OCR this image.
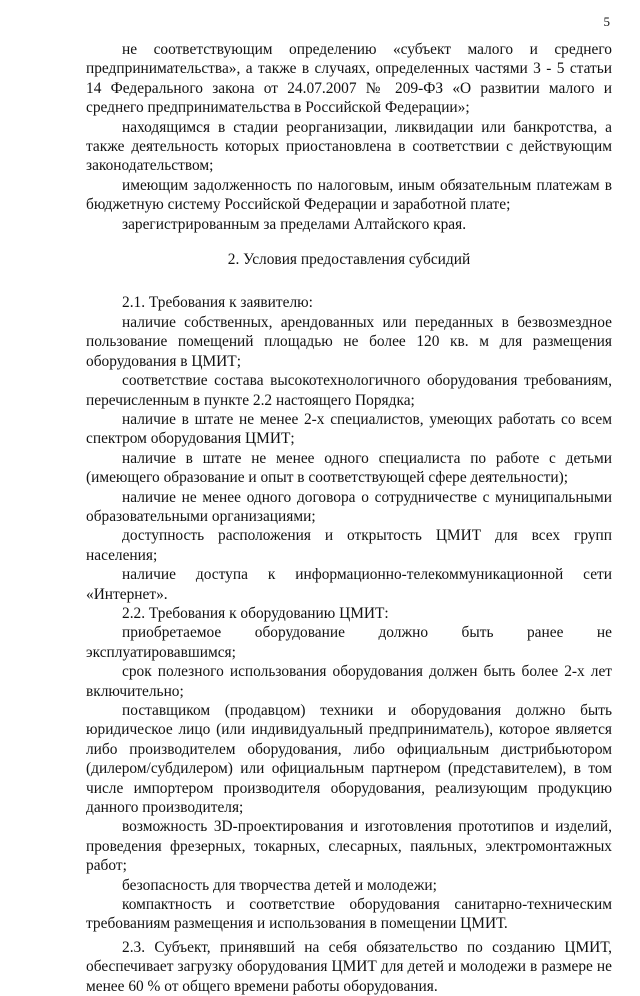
5

не соответствующим определению «субъект малого и среднего предпринимательства», а также в случаях, определенных частями 3 - 5 статьи 14 Федерального закона от 24.07.2007 № 209-ФЗ «О развитии малого и среднего предпринимательства в Российской Федерации»;

находящимся в стадии реорганизации, ликвидации или банкротства, а также деятельность которых приостановлена в соответствии с действующим законодательством;

имеющим задолженность по налоговым, иным обязательным платежам в бюджетную систему Российской Федерации и заработной плате;

зарегистрированным за пределами Алтайского края.

2. Условия предоставления субсидий

2.1. Требования к заявителю:

наличие собственных, арендованных или переданных в безвозмездное пользование помещений площадью не более 120 кв. м для размещения оборудования в ЦМИТ;

соответствие состава высокотехнологичного оборудования требованиям, перечисленным в пункте 2.2 настоящего Порядка;

наличие в штате не менее 2-х специалистов, умеющих работать со всем спектром оборудования ЦМИТ;

наличие в штате не менее одного специалиста по работе с детьми (имеющего образование и опыт в соответствующей сфере деятельности);

наличие не менее одного договора о сотрудничестве с муниципальными образовательными организациями;

доступность расположения и открытость ЦМИТ для всех групп населения;

наличие доступа к информационно-телекоммуникационной сети «Интернет».

2.2. Требования к оборудованию ЦМИТ:

приобретаемое оборудование должно быть ранее не эксплуатировавшимся;

срок полезного использования оборудования должен быть более 2-х лет включительно;

поставщиком (продавцом) техники и оборудования должно быть юридическое лицо (или индивидуальный предприниматель), которое является либо производителем оборудования, либо официальным дистрибьютором (дилером/субдилером) или официальным партнером (представителем), в том числе импортером производителя оборудования, реализующим продукцию данного производителя;

возможность 3D-проектирования и изготовления прототипов и изделий, проведения фрезерных, токарных, слесарных, паяльных, электромонтажных работ;

безопасность для творчества детей и молодежи;

компактность и соответствие оборудования санитарно-техническим требованиям размещения и использования в помещении ЦМИТ.

2.3. Субъект, принявший на себя обязательство по созданию ЦМИТ, обеспечивает загрузку оборудования ЦМИТ для детей и молодежи в размере не менее 60 % от общего времени работы оборудования.
